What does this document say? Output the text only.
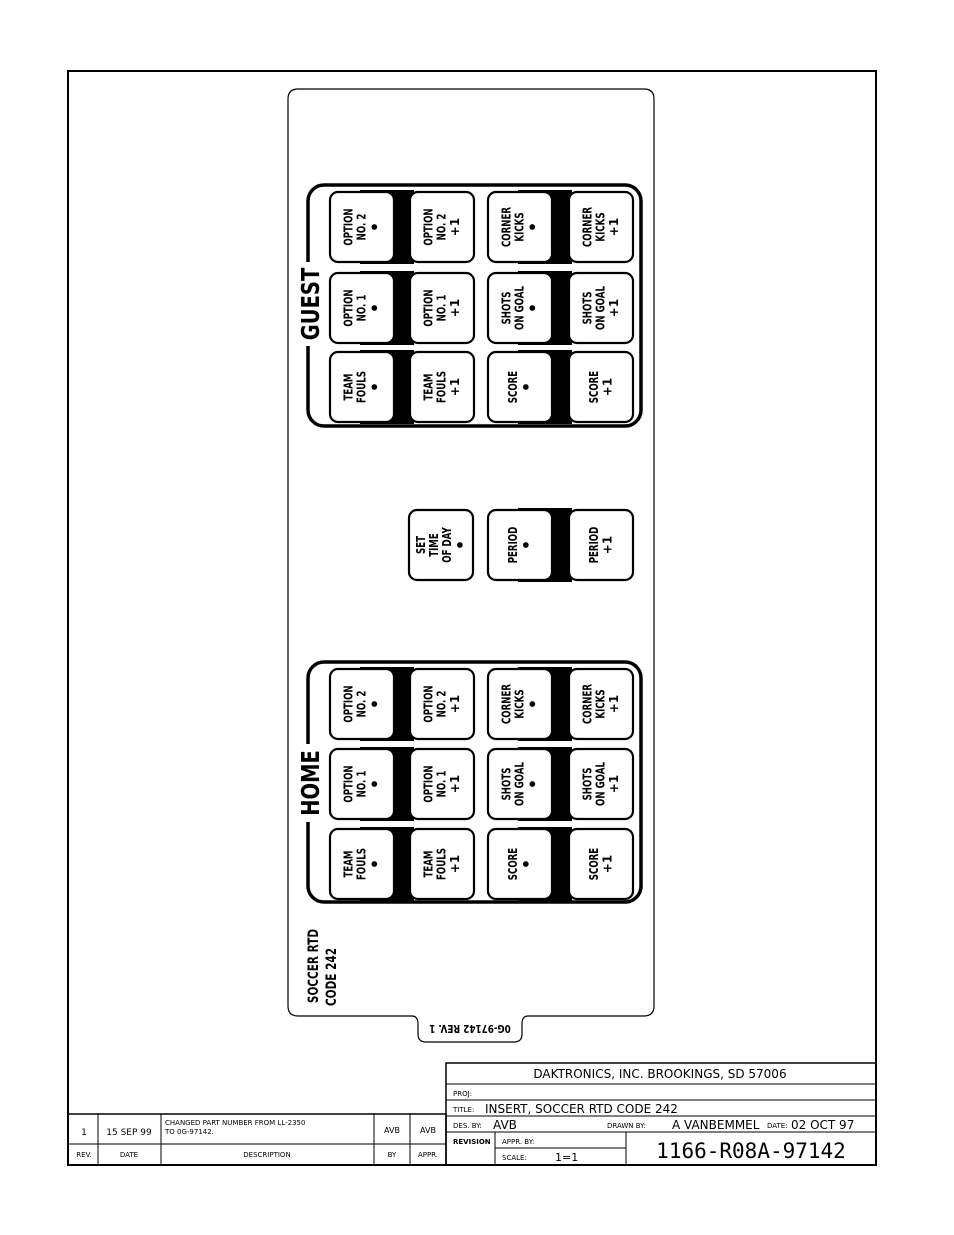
GUEST
OPTION NO. 2
•	OPTION NO. 2 +1	CORNER KICKS
•	CORNER KICKS +1
OPTION NO. 1
•	OPTION NO. 1 +1	SHOTS ON GOAL
•	SHOTS ON GOAL +1
TEAM FOULS
•	TEAM FOULS +1	SCORE
•	SCORE +1
SET TIME OF DAY
•	PERIOD
•	PERIOD +1
HOME
OPTION NO. 2
•	OPTION NO. 2 +1	CORNER KICKS
•	CORNER KICKS +1
OPTION NO. 1
•	OPTION NO. 1 +1	SHOTS ON GOAL
•	SHOTS ON GOAL +1
TEAM FOULS
•	TEAM FOULS +1	SCORE
•	SCORE +1
SOCCER RTD CODE 242
0G-97142 REV. 1
DAKTRONICS, INC. BROOKINGS, SD 57006
PROJ:
TITLE: INSERT, SOCCER RTD CODE 242
DES. BY: AVB	DRAWN BY: A VANBEMMEL DATE: 02 OCT 97
REVISION APPR. BY:
SCALE:	1=1	1166-R08A-97142
1 15 SEP 99
CHANGED PART NUMBER FROM LL-2350
TO 0G-97142.	AVB	AVB
REV.	DATE	DESCRIPTION	BY	APPR.
